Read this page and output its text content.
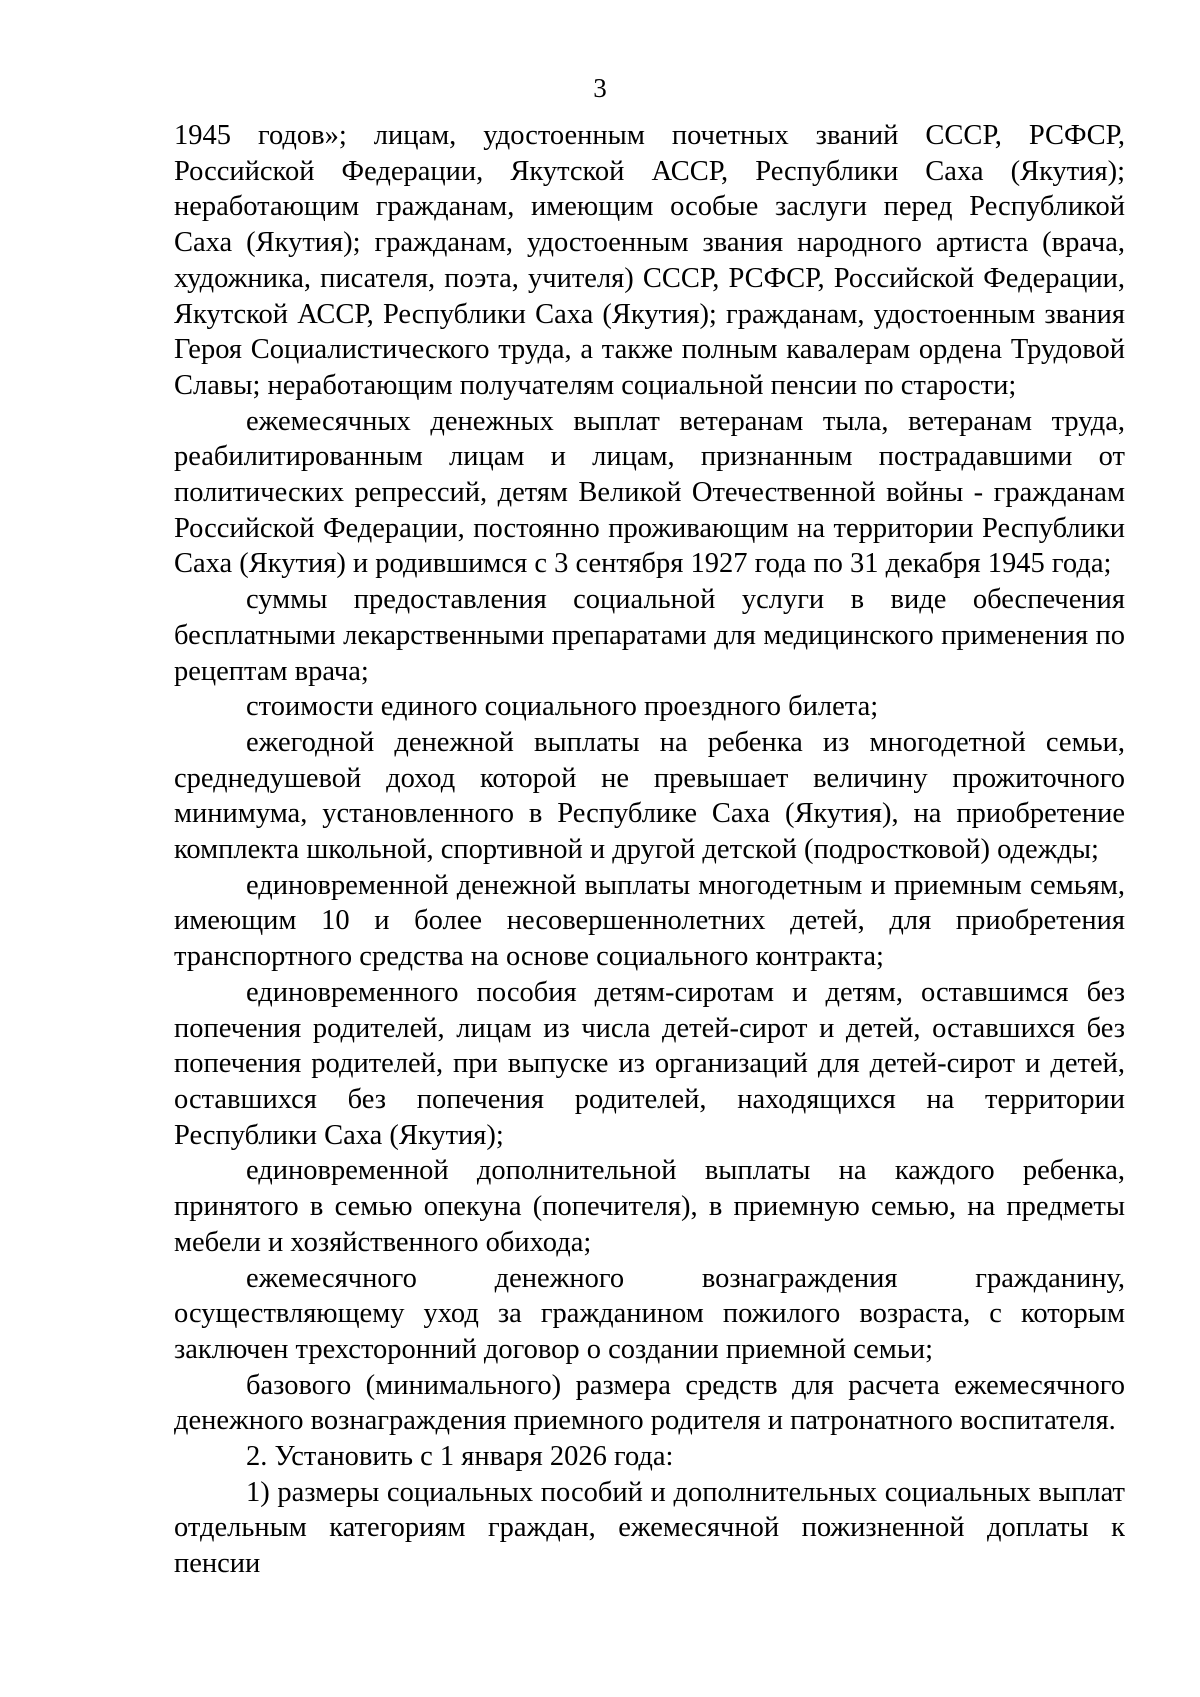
3

1945 годов»; лицам, удостоенным почетных званий СССР, РСФСР, Российской Федерации, Якутской АССР, Республики Саха (Якутия); неработающим гражданам, имеющим особые заслуги перед Республикой Саха (Якутия); гражданам, удостоенным звания народного артиста (врача, художника, писателя, поэта, учителя) СССР, РСФСР, Российской Федерации, Якутской АССР, Республики Саха (Якутия); гражданам, удостоенным звания Героя Социалистического труда, а также полным кавалерам ордена Трудовой Славы; неработающим получателям социальной пенсии по старости;

ежемесячных денежных выплат ветеранам тыла, ветеранам труда, реабилитированным лицам и лицам, признанным пострадавшими от политических репрессий, детям Великой Отечественной войны - гражданам Российской Федерации, постоянно проживающим на территории Республики Саха (Якутия) и родившимся с 3 сентября 1927 года по 31 декабря 1945 года;

суммы предоставления социальной услуги в виде обеспечения бесплатными лекарственными препаратами для медицинского применения по рецептам врача;

стоимости единого социального проездного билета;

ежегодной денежной выплаты на ребенка из многодетной семьи, среднедушевой доход которой не превышает величину прожиточного минимума, установленного в Республике Саха (Якутия), на приобретение комплекта школьной, спортивной и другой детской (подростковой) одежды;

единовременной денежной выплаты многодетным и приемным семьям, имеющим 10 и более несовершеннолетних детей, для приобретения транспортного средства на основе социального контракта;

единовременного пособия детям-сиротам и детям, оставшимся без попечения родителей, лицам из числа детей-сирот и детей, оставшихся без попечения родителей, при выпуске из организаций для детей-сирот и детей, оставшихся без попечения родителей, находящихся на территории Республики Саха (Якутия);

единовременной дополнительной выплаты на каждого ребенка, принятого в семью опекуна (попечителя), в приемную семью, на предметы мебели и хозяйственного обихода;

ежемесячного денежного вознаграждения гражданину, осуществляющему уход за гражданином пожилого возраста, с которым заключен трехсторонний договор о создании приемной семьи;

базового (минимального) размера средств для расчета ежемесячного денежного вознаграждения приемного родителя и патронатного воспитателя.

2. Установить с 1 января 2026 года:

1) размеры социальных пособий и дополнительных социальных выплат отдельным категориям граждан, ежемесячной пожизненной доплаты к пенсии
